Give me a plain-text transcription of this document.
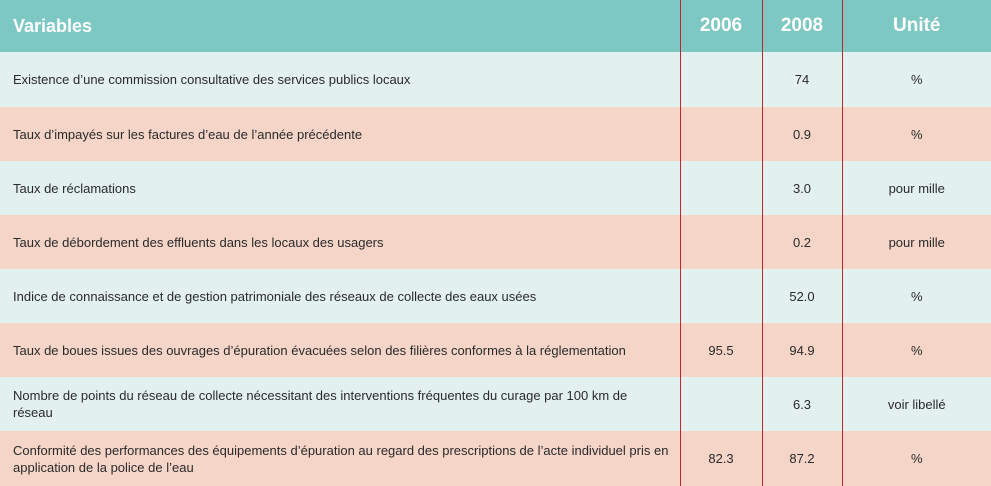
Variables	2006	2008	Unité
Existence d’une commission consultative des services publics locaux		74	%
Taux d’impayés sur les factures d’eau de l’année précédente		0.9	%
Taux de réclamations		3.0	pour mille
Taux de débordement des effluents dans les locaux des usagers		0.2	pour mille
Indice de connaissance et de gestion patrimoniale des réseaux de collecte des eaux usées		52.0	%
Taux de boues issues des ouvrages d’épuration évacuées selon des filières conformes à la réglementation	95.5	94.9	%
Nombre de points du réseau de collecte nécessitant des interventions fréquentes du curage par 100 km de réseau		6.3	voir libellé
Conformité des performances des équipements d’épuration au regard des prescriptions de l’acte individuel pris en application de la police de l’eau	82.3	87.2	%
